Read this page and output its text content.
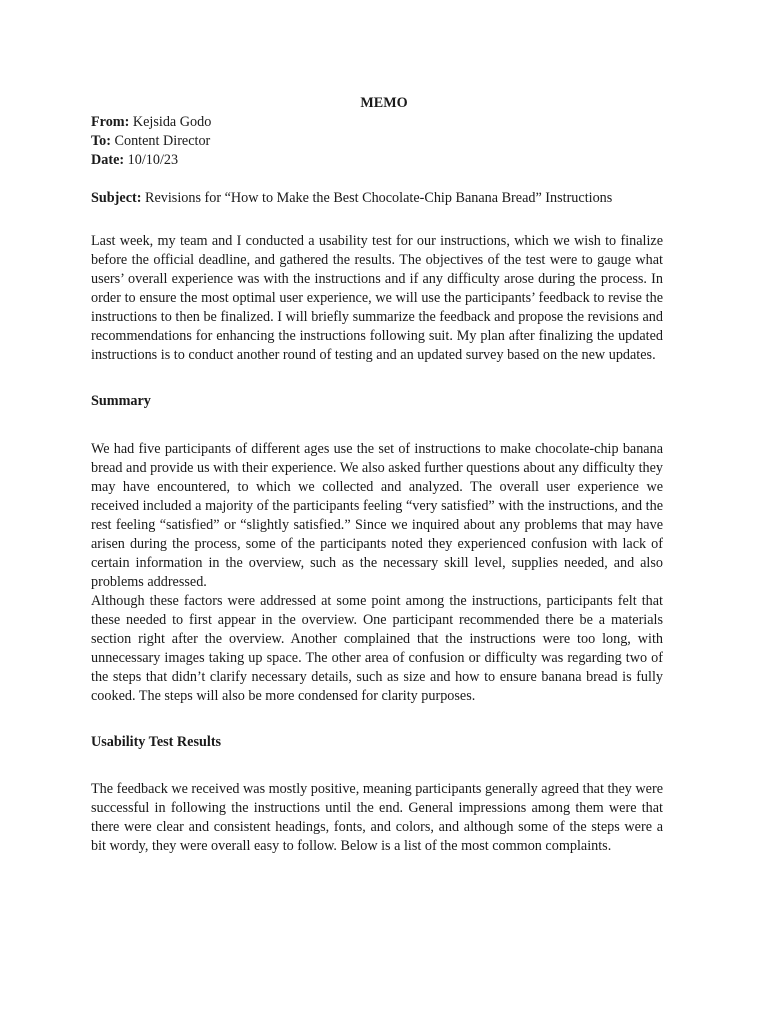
MEMO
From: Kejsida Godo
To: Content Director
Date: 10/10/23
Subject: Revisions for “How to Make the Best Chocolate-Chip Banana Bread” Instructions

Last week, my team and I conducted a usability test for our instructions, which we wish to finalize before the official deadline, and gathered the results. The objectives of the test were to gauge what users’ overall experience was with the instructions and if any difficulty arose during the process. In order to ensure the most optimal user experience, we will use the participants’ feedback to revise the instructions to then be finalized. I will briefly summarize the feedback and propose the revisions and recommendations for enhancing the instructions following suit. My plan after finalizing the updated instructions is to conduct another round of testing and an updated survey based on the new updates.

Summary

We had five participants of different ages use the set of instructions to make chocolate-chip banana bread and provide us with their experience. We also asked further questions about any difficulty they may have encountered, to which we collected and analyzed. The overall user experience we received included a majority of the participants feeling “very satisfied” with the instructions, and the rest feeling “satisfied” or “slightly satisfied.” Since we inquired about any problems that may have arisen during the process, some of the participants noted they experienced confusion with lack of certain information in the overview, such as the necessary skill level, supplies needed, and also problems addressed.

Although these factors were addressed at some point among the instructions, participants felt that these needed to first appear in the overview. One participant recommended there be a materials section right after the overview. Another complained that the instructions were too long, with unnecessary images taking up space. The other area of confusion or difficulty was regarding two of the steps that didn’t clarify necessary details, such as size and how to ensure banana bread is fully cooked. The steps will also be more condensed for clarity purposes.

Usability Test Results

The feedback we received was mostly positive, meaning participants generally agreed that they were successful in following the instructions until the end. General impressions among them were that there were clear and consistent headings, fonts, and colors, and although some of the steps were a bit wordy, they were overall easy to follow. Below is a list of the most common complaints.
